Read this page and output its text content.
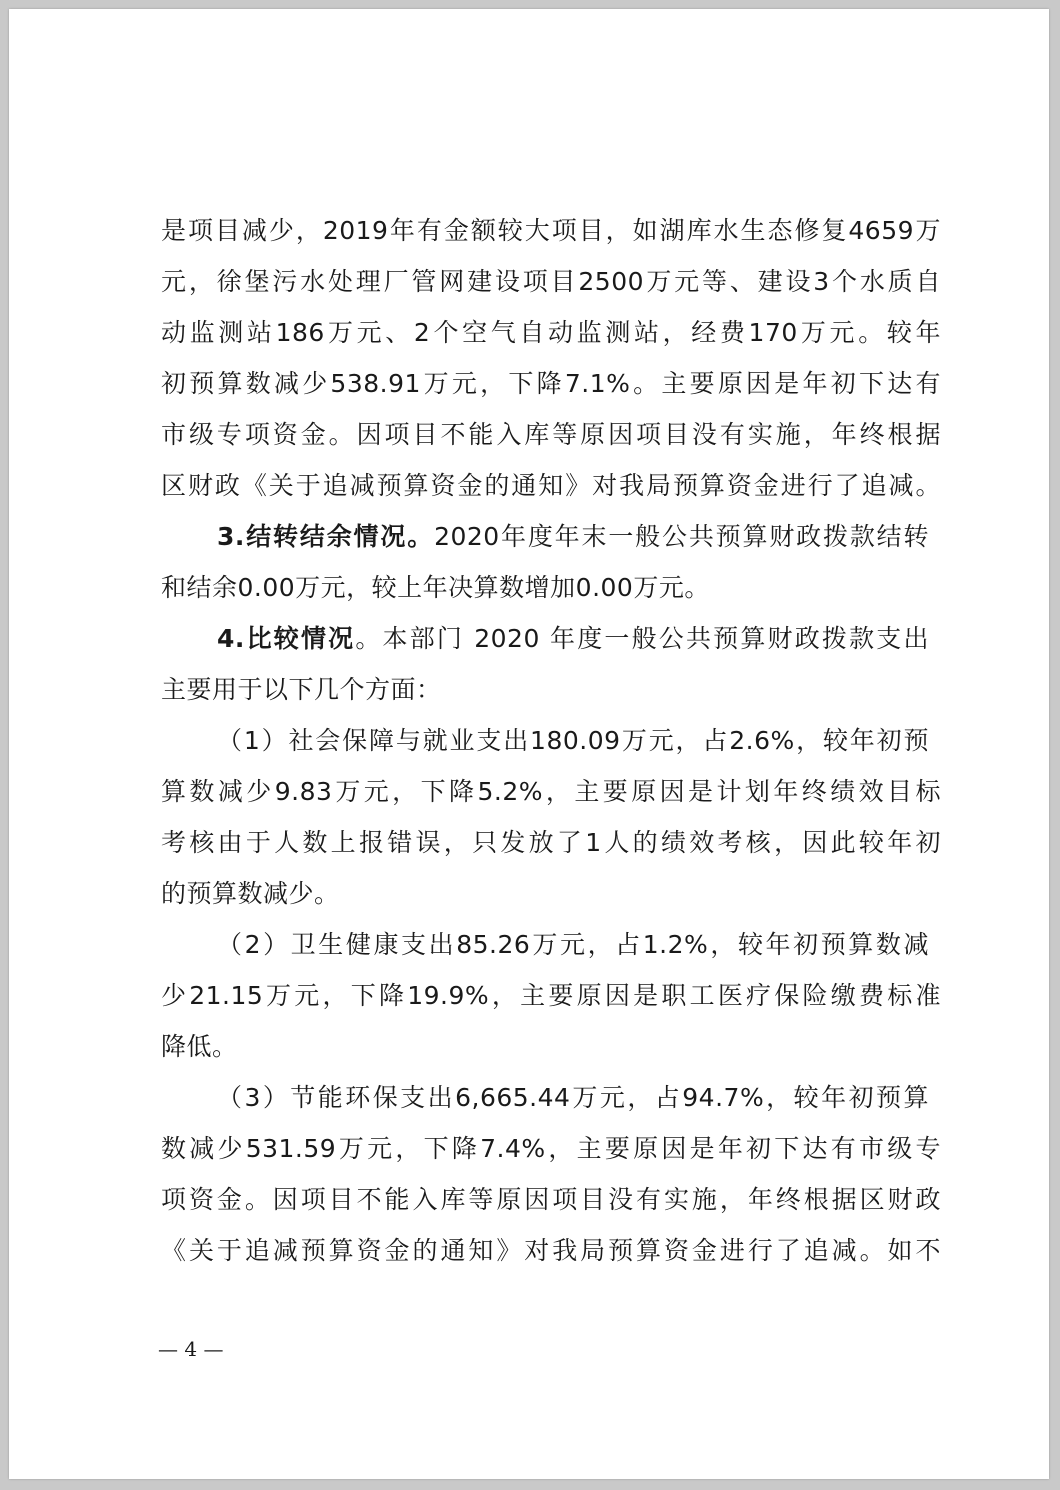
是项目减少，2019年有金额较大项目，如湖库水生态修复4659万
元，徐堡污水处理厂管网建设项目2500万元等、建设3个水质自
动监测站186万元、2个空气自动监测站，经费170万元。较年
初预算数减少538.91万元，下降7.1%。主要原因是年初下达有
市级专项资金。因项目不能入库等原因项目没有实施，年终根据
区财政《关于追减预算资金的通知》对我局预算资金进行了追减。
3.结转结余情况。2020年度年末一般公共预算财政拨款结转
和结余0.00万元，较上年决算数增加0.00万元。
4.比较情况。本部门 2020 年度一般公共预算财政拨款支出
主要用于以下几个方面：
（1）社会保障与就业支出180.09万元，占2.6%，较年初预
算数减少9.83万元，下降5.2%，主要原因是计划年终绩效目标
考核由于人数上报错误，只发放了1人的绩效考核，因此较年初
的预算数减少。
（2）卫生健康支出85.26万元，占1.2%，较年初预算数减
少21.15万元，下降19.9%，主要原因是职工医疗保险缴费标准
降低。
（3）节能环保支出6,665.44万元，占94.7%，较年初预算
数减少531.59万元，下降7.4%，主要原因是年初下达有市级专
项资金。因项目不能入库等原因项目没有实施，年终根据区财政
《关于追减预算资金的通知》对我局预算资金进行了追减。如不
— 4 —
